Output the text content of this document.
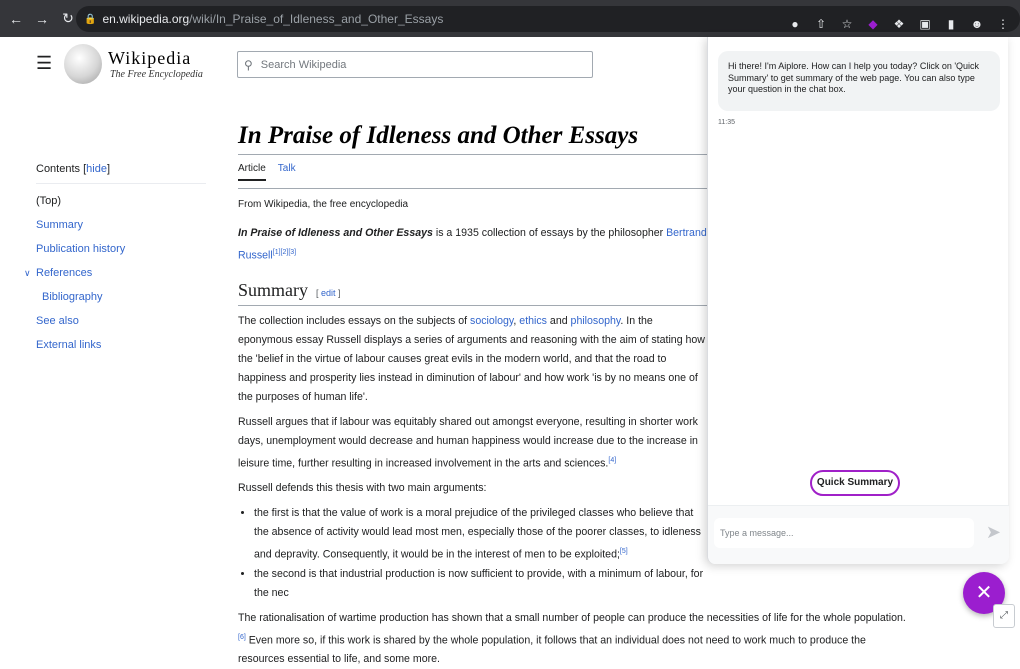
← → ↻	🔒 en.wikipedia.org/wiki/In_Praise_of_Idleness_and_Other_Essays	● ⇧ ☆ ◆ ❖ ▣	▮	☻ ⋮
☰	Wikipedia
The Free Encyclopedia
⚲
Search Wikipedia
Contents [hide]
(Top)
Summary
Publication history
∨ References
Bibliography
See also
External links
In Praise of Idleness and Other Essays
Article Talk
From Wikipedia, the free encyclopedia

In Praise of Idleness and Other Essays is a 1935 collection of essays by the philosopher Bertrand Russell[1][2][3]

Summary [ edit ]

The collection includes essays on the subjects of sociology, ethics and philosophy. In the eponymous essay Russell displays a series of arguments and reasoning with the aim of stating how the 'belief in the virtue of labour causes great evils in the modern world, and that the road to happiness and prosperity lies instead in diminution of labour' and how work 'is by no means one of the purposes of human life'.

Russell argues that if labour was equitably shared out amongst everyone, resulting in shorter work days, unemployment would decrease and human happiness would increase due to the increase in leisure time, further resulting in increased involvement in the arts and sciences.[4]

Russell defends this thesis with two main arguments:

• the first is that the value of work is a moral prejudice of the privileged classes who believe that the absence of activity would lead most men, especially those of the poorer classes, to idleness and depravity. Consequently, it would be in the interest of men to be exploited;[5]
• the second is that industrial production is now sufficient to provide, with a minimum of labour, for the nec

The rationalisation of wartime production has shown that a small number of people can produce the necessities of life for the whole population.[6] Even more so, if this work is shared by the whole population, it follows that an individual does not need to work much to produce the resources essential to life, and some more.

Hi there! I'm Aiplore. How can I help you today? Click on 'Quick Summary' to get summary of the web page. You can also type your question in the chat box.
11:35
Quick Summary
Type a message...
➤
✕
⤢
